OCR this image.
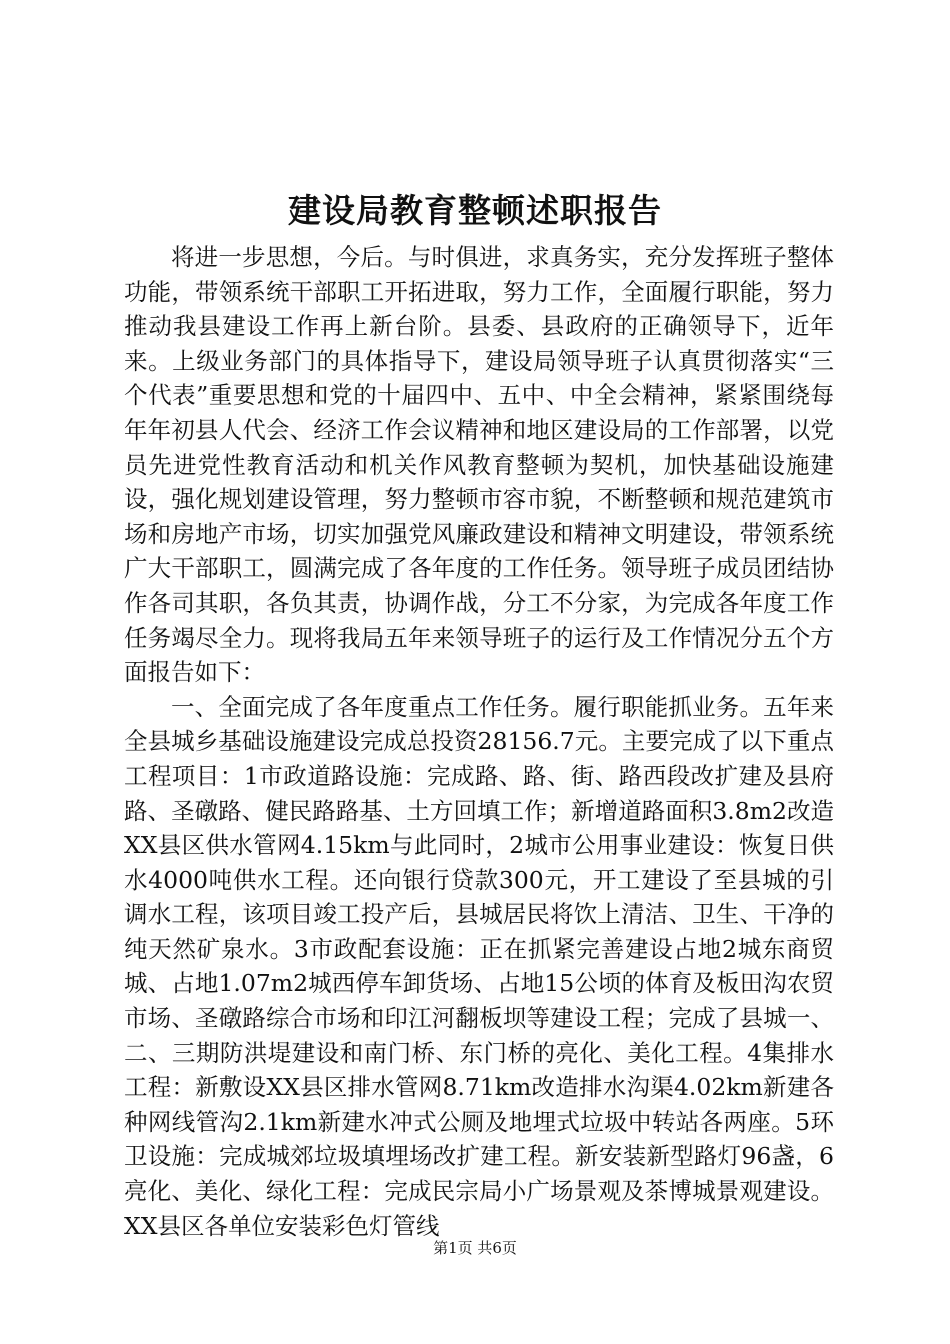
建设局教育整顿述职报告

将进一步思想，今后。与时俱进，求真务实，充分发挥班子整体功能，带领系统干部职工开拓进取，努力工作，全面履行职能，努力推动我县建设工作再上新台阶。县委、县政府的正确领导下，近年来。上级业务部门的具体指导下，建设局领导班子认真贯彻落实“三个代表”重要思想和党的十届四中、五中、中全会精神，紧紧围绕每年年初县人代会、经济工作会议精神和地区建设局的工作部署，以党员先进党性教育活动和机关作风教育整顿为契机，加快基础设施建设，强化规划建设管理，努力整顿市容市貌，不断整顿和规范建筑市场和房地产市场，切实加强党风廉政建设和精神文明建设，带领系统广大干部职工，圆满完成了各年度的工作任务。领导班子成员团结协作各司其职，各负其责，协调作战，分工不分家，为完成各年度工作任务竭尽全力。现将我局五年来领导班子的运行及工作情况分五个方面报告如下：

一、全面完成了各年度重点工作任务。履行职能抓业务。五年来全县城乡基础设施建设完成总投资28156.7元。主要完成了以下重点工程项目：1市政道路设施：完成路、路、街、路西段改扩建及县府路、圣礅路、健民路路基、土方回填工作；新增道路面积3.8m2改造XX县区供水管网4.15km与此同时，2城市公用事业建设：恢复日供水4000吨供水工程。还向银行贷款300元，开工建设了至县城的引调水工程，该项目竣工投产后，县城居民将饮上清洁、卫生、干净的纯天然矿泉水。3市政配套设施：正在抓紧完善建设占地2城东商贸城、占地1.07m2城西停车卸货场、占地15公顷的体育及板田沟农贸市场、圣礅路综合市场和印江河翻板坝等建设工程；完成了县城一、二、三期防洪堤建设和南门桥、东门桥的亮化、美化工程。4集排水工程：新敷设XX县区排水管网8.71km改造排水沟渠4.02km新建各种网线管沟2.1km新建水冲式公厕及地埋式垃圾中转站各两座。5环卫设施：完成城郊垃圾填埋场改扩建工程。新安装新型路灯96盏，6亮化、美化、绿化工程：完成民宗局小广场景观及茶博城景观建设。XX县区各单位安装彩色灯管线

第1页 共6页
